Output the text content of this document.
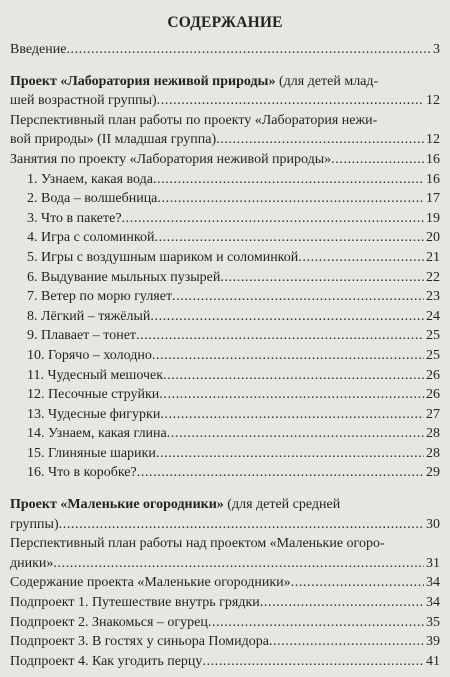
СОДЕРЖАНИЕ
Введение .....	3
Проект «Лаборатория неживой природы» (для детей млад-
шей возрастной группы) .....	12
Перспективный план работы по проекту «Лаборатория нежи-
вой природы» (II младшая группа) .....	12
Занятия по проекту «Лаборатория неживой природы» .....	16
1. Узнаем, какая вода .....	16
2. Вода – волшебница .....	17
3. Что в пакете? .....	19
4. Игра с соломинкой .....	20
5. Игры с воздушным шариком и соломинкой .....	21
6. Выдувание мыльных пузырей .....	22
7. Ветер по морю гуляет .....	23
8. Лёгкий – тяжёлый .....	24
9. Плавает – тонет .....	25
10. Горячо – холодно .....	25
11. Чудесный мешочек .....	26
12. Песочные струйки .....	26
13. Чудесные фигурки .....	27
14. Узнаем, какая глина .....	28
15. Глиняные шарики .....	28
16. Что в коробке? .....	29
Проект «Маленькие огородники» (для детей средней
группы) .....	30
Перспективный план работы над проектом «Маленькие огоро-
дники» .....	31
Содержание проекта «Маленькие огородники» .....	34
Подпроект 1. Путешествие внутрь грядки .....	34
Подпроект 2. Знакомься – огурец .....	35
Подпроект 3. В гостях у синьора Помидора .....	39
Подпроект 4. Как угодить перцу .....	41
